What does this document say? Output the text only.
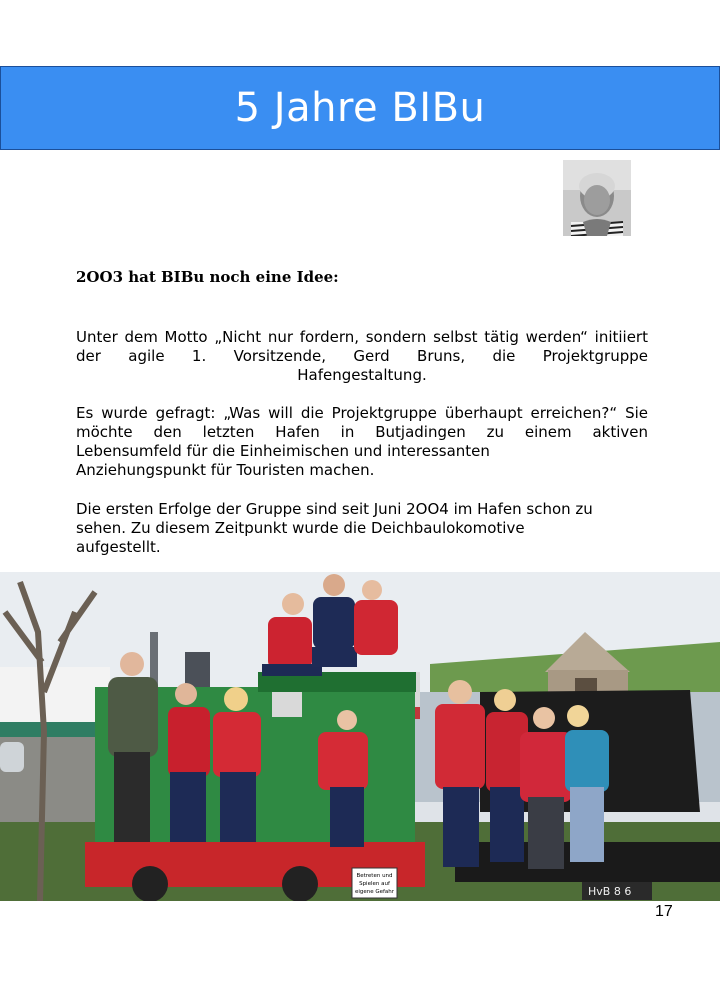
5 Jahre BIBu

2OO3 hat BIBu noch eine Idee:

Unter dem Motto „Nicht nur fordern, sondern selbst tätig werden“ initiiert der agile 1. Vorsitzende, Gerd Bruns, die Projektgruppe
Hafengestaltung.

Es wurde gefragt: „Was will die Projektgruppe überhaupt erreichen?“ Sie möchte den letzten Hafen in Butjadingen zu einem aktiven
Lebensumfeld für die Einheimischen und interessanten
Anziehungspunkt für Touristen machen.

Die ersten Erfolge der Gruppe sind seit Juni 2OO4 im Hafen schon zu
sehen. Zu diesem Zeitpunkt wurde die Deichbaulokomotive
aufgestellt.

Betreten und
Spielen auf
eigene Gefahr	HvB 8 6
17
